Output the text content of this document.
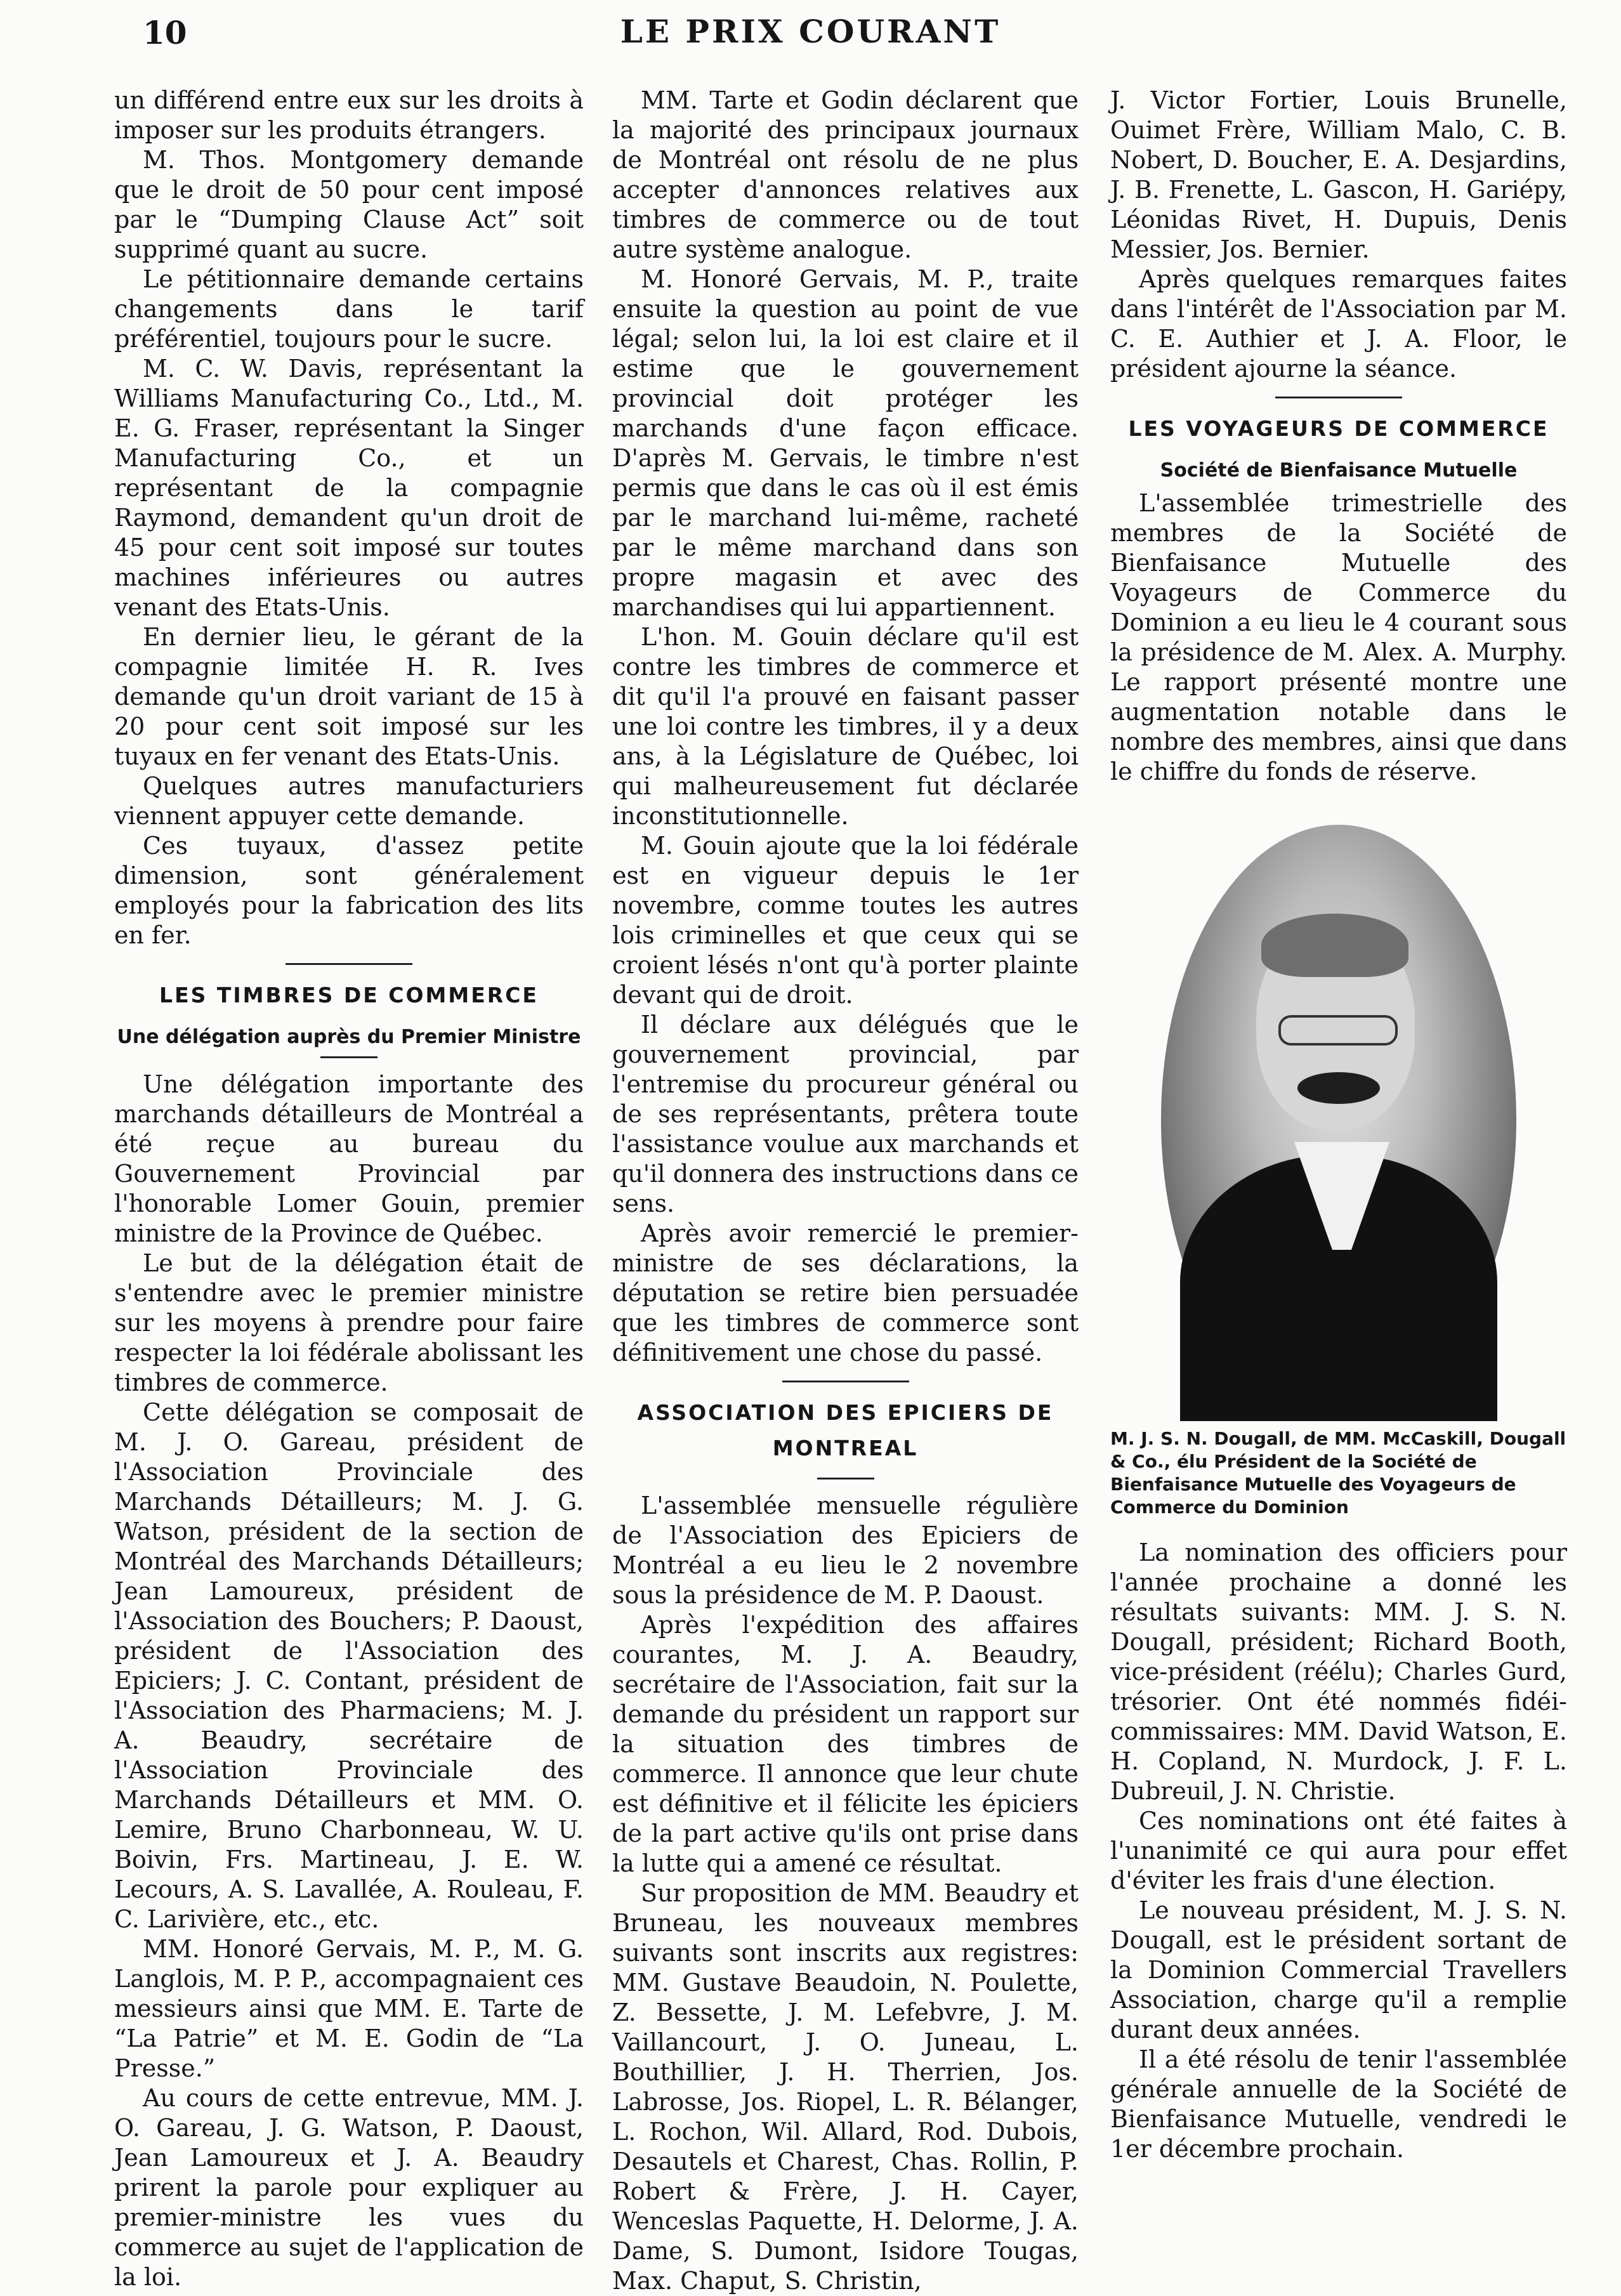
10	LE PRIX COURANT

un différend entre eux sur les droits à imposer sur les produits étrangers.

M. Thos. Montgomery demande que le droit de 50 pour cent imposé par le “Dumping Clause Act” soit supprimé quant au sucre.

Le pétitionnaire demande certains changements dans le tarif préférentiel, toujours pour le sucre.

M. C. W. Davis, représentant la Williams Manufacturing Co., Ltd., M. E. G. Fraser, représentant la Singer Manufacturing Co., et un représentant de la compagnie Raymond, demandent qu'un droit de 45 pour cent soit imposé sur toutes machines inférieures ou autres venant des Etats-Unis.

En dernier lieu, le gérant de la compagnie limitée H. R. Ives demande qu'un droit variant de 15 à 20 pour cent soit imposé sur les tuyaux en fer venant des Etats-Unis.

Quelques autres manufacturiers viennent appuyer cette demande.

Ces tuyaux, d'assez petite dimension, sont généralement employés pour la fabrication des lits en fer.

LES TIMBRES DE COMMERCE
Une délégation auprès du Premier Ministre

Une délégation importante des marchands détailleurs de Montréal a été reçue au bureau du Gouvernement Provincial par l'honorable Lomer Gouin, premier ministre de la Province de Québec.

Le but de la délégation était de s'entendre avec le premier ministre sur les moyens à prendre pour faire respecter la loi fédérale abolissant les timbres de commerce.

Cette délégation se composait de M. J. O. Gareau, président de l'Association Provinciale des Marchands Détailleurs; M. J. G. Watson, président de la section de Montréal des Marchands Détailleurs; Jean Lamoureux, président de l'Association des Bouchers; P. Daoust, président de l'Association des Epiciers; J. C. Contant, président de l'Association des Pharmaciens; M. J. A. Beaudry, secrétaire de l'Association Provinciale des Marchands Détailleurs et MM. O. Lemire, Bruno Charbonneau, W. U. Boivin, Frs. Martineau, J. E. W. Lecours, A. S. Lavallée, A. Rouleau, F. C. Larivière, etc., etc.

MM. Honoré Gervais, M. P., M. G. Langlois, M. P. P., accompagnaient ces messieurs ainsi que MM. E. Tarte de “La Patrie” et M. E. Godin de “La Presse.”

Au cours de cette entrevue, MM. J. O. Gareau, J. G. Watson, P. Daoust, Jean Lamoureux et J. A. Beaudry prirent la parole pour expliquer au premier-ministre les vues du commerce au sujet de l'application de la loi.

MM. Tarte et Godin déclarent que la majorité des principaux journaux de Montréal ont résolu de ne plus accepter d'annonces relatives aux timbres de commerce ou de tout autre système analogue.

M. Honoré Gervais, M. P., traite ensuite la question au point de vue légal; selon lui, la loi est claire et il estime que le gouvernement provincial doit protéger les marchands d'une façon efficace. D'après M. Gervais, le timbre n'est permis que dans le cas où il est émis par le marchand lui-même, racheté par le même marchand dans son propre magasin et avec des marchandises qui lui appartiennent.

L'hon. M. Gouin déclare qu'il est contre les timbres de commerce et dit qu'il l'a prouvé en faisant passer une loi contre les timbres, il y a deux ans, à la Législature de Québec, loi qui malheureusement fut déclarée inconstitutionnelle.

M. Gouin ajoute que la loi fédérale est en vigueur depuis le 1er novembre, comme toutes les autres lois criminelles et que ceux qui se croient lésés n'ont qu'à porter plainte devant qui de droit.

Il déclare aux délégués que le gouvernement provincial, par l'entremise du procureur général ou de ses représentants, prêtera toute l'assistance voulue aux marchands et qu'il donnera des instructions dans ce sens.

Après avoir remercié le premier-ministre de ses déclarations, la députation se retire bien persuadée que les timbres de commerce sont définitivement une chose du passé.

ASSOCIATION DES EPICIERS DE MONTREAL

L'assemblée mensuelle régulière de l'Association des Epiciers de Montréal a eu lieu le 2 novembre sous la présidence de M. P. Daoust.

Après l'expédition des affaires courantes, M. J. A. Beaudry, secrétaire de l'Association, fait sur la demande du président un rapport sur la situation des timbres de commerce. Il annonce que leur chute est définitive et il félicite les épiciers de la part active qu'ils ont prise dans la lutte qui a amené ce résultat.

Sur proposition de MM. Beaudry et Bruneau, les nouveaux membres suivants sont inscrits aux registres: MM. Gustave Beaudoin, N. Poulette, Z. Bessette, J. M. Lefebvre, J. M. Vaillancourt, J. O. Juneau, L. Bouthillier, J. H. Therrien, Jos. Labrosse, Jos. Riopel, L. R. Bélanger, L. Rochon, Wil. Allard, Rod. Dubois, Desautels et Charest, Chas. Rollin, P. Robert & Frère, J. H. Cayer, Wenceslas Paquette, H. Delorme, J. A. Dame, S. Dumont, Isidore Tougas, Max. Chaput, S. Christin,

J. Victor Fortier, Louis Brunelle, Ouimet Frère, William Malo, C. B. Nobert, D. Boucher, E. A. Desjardins, J. B. Frenette, L. Gascon, H. Gariépy, Léonidas Rivet, H. Dupuis, Denis Messier, Jos. Bernier.

Après quelques remarques faites dans l'intérêt de l'Association par M. C. E. Authier et J. A. Floor, le président ajourne la séance.

LES VOYAGEURS DE COMMERCE
Société de Bienfaisance Mutuelle

L'assemblée trimestrielle des membres de la Société de Bienfaisance Mutuelle des Voyageurs de Commerce du Dominion a eu lieu le 4 courant sous la présidence de M. Alex. A. Murphy. Le rapport présenté montre une augmentation notable dans le nombre des membres, ainsi que dans le chiffre du fonds de réserve.

M. J. S. N. Dougall, de MM. McCaskill, Dougall & Co., élu Président de la Société de Bienfaisance Mutuelle des Voyageurs de Commerce du Dominion

La nomination des officiers pour l'année prochaine a donné les résultats suivants: MM. J. S. N. Dougall, président; Richard Booth, vice-président (réélu); Charles Gurd, trésorier. Ont été nommés fidéi-commissaires: MM. David Watson, E. H. Copland, N. Murdock, J. F. L. Dubreuil, J. N. Christie.

Ces nominations ont été faites à l'unanimité ce qui aura pour effet d'éviter les frais d'une élection.

Le nouveau président, M. J. S. N. Dougall, est le président sortant de la Dominion Commercial Travellers Association, charge qu'il a remplie durant deux années.

Il a été résolu de tenir l'assemblée générale annuelle de la Société de Bienfaisance Mutuelle, vendredi le 1er décembre prochain.
